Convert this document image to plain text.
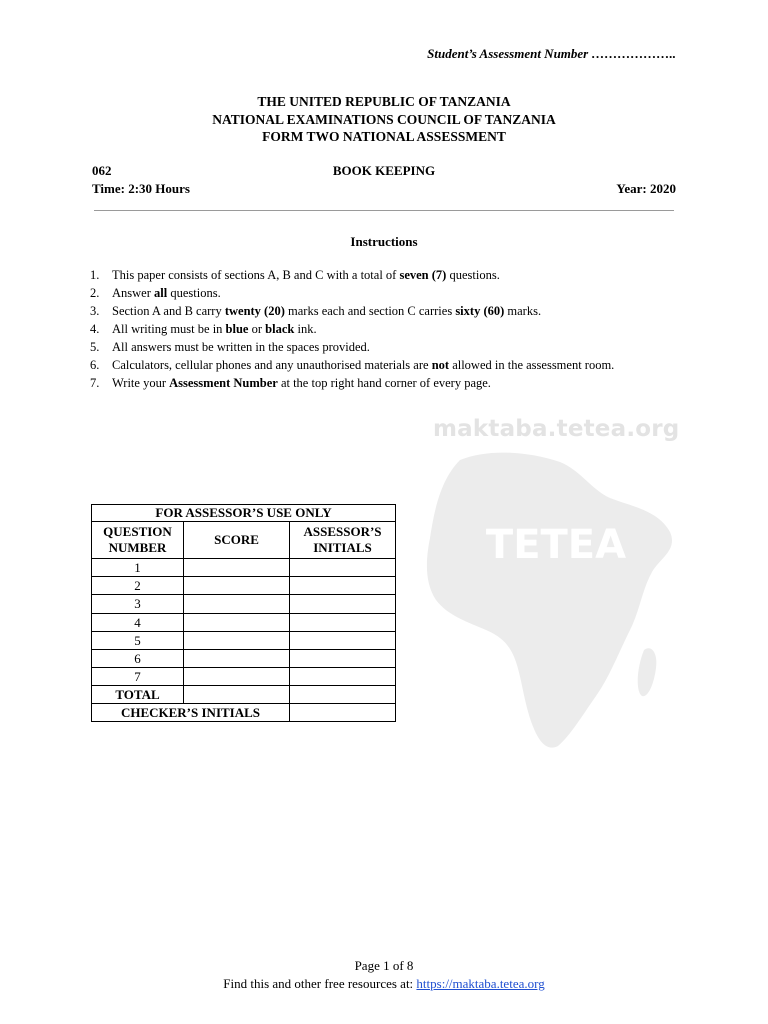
Student’s Assessment Number ………………..
THE UNITED REPUBLIC OF TANZANIA
NATIONAL EXAMINATIONS COUNCIL OF TANZANIA
FORM TWO NATIONAL ASSESSMENT
062	BOOK KEEPING
Time: 2:30 Hours	Year: 2020
Instructions
1. This paper consists of sections A, B and C with a total of seven (7) questions.
2. Answer all questions.
3. Section A and B carry twenty (20) marks each and section C carries sixty (60) marks.
4. All writing must be in blue or black ink.
5. All answers must be written in the spaces provided.
6. Calculators, cellular phones and any unauthorised materials are not allowed in the assessment room.
7. Write your Assessment Number at the top right hand corner of every page.
maktaba.tetea.org
TETEA
FOR ASSESSOR’S USE ONLY		
QUESTION NUMBER	SCORE	ASSESSOR’S INITIALS
1		
2		
3		
4		
5		
6		
7		
TOTAL		
CHECKER’S INITIALS		
Page 1 of 8
Find this and other free resources at: https://maktaba.tetea.org
